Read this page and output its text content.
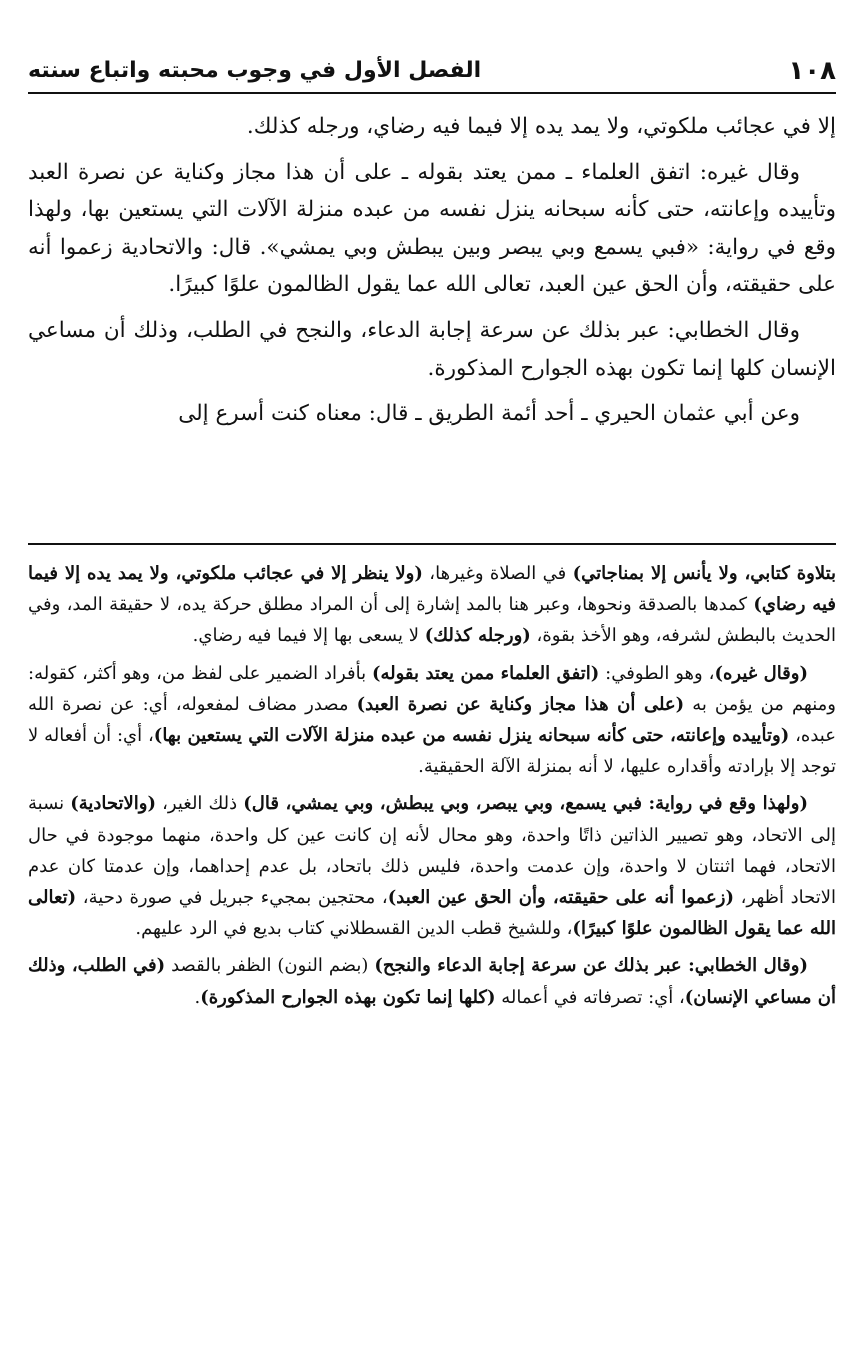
١٠٨
الفصل الأول في وجوب محبته واتباع سنته

إلا في عجائب ملكوتي، ولا يمد يده إلا فيما فيه رضاي، ورجله كذلك.

وقال غيره: اتفق العلماء ـ ممن يعتد بقوله ـ على أن هذا مجاز وكناية عن نصرة العبد وتأييده وإعانته، حتى كأنه سبحانه ينزل نفسه من عبده منزلة الآلات التي يستعين بها، ولهذا وقع في رواية: «فبي يسمع وبي يبصر وبين يبطش وبي يمشي». قال: والاتحادية زعموا أنه على حقيقته، وأن الحق عين العبد، تعالى الله عما يقول الظالمون علوًا كبيرًا.

وقال الخطابي: عبر بذلك عن سرعة إجابة الدعاء، والنجح في الطلب، وذلك أن مساعي الإنسان كلها إنما تكون بهذه الجوارح المذكورة.

وعن أبي عثمان الحيري ـ أحد أئمة الطريق ـ قال: معناه كنت أسرع إلى

بتلاوة كتابي، ولا يأنس إلا بمناجاتي) في الصلاة وغيرها، (ولا ينظر إلا في عجائب ملكوتي، ولا يمد يده إلا فيما فيه رضاي) كمدها بالصدقة ونحوها، وعبر هنا بالمد إشارة إلى أن المراد مطلق حركة يده، لا حقيقة المد، وفي الحديث بالبطش لشرفه، وهو الأخذ بقوة، (ورجله كذلك) لا يسعى بها إلا فيما فيه رضاي.

(وقال غيره)، وهو الطوفي: (اتفق العلماء ممن يعتد بقوله) بأفراد الضمير على لفظ من، وهو أكثر، كقوله: ومنهم من يؤمن به (على أن هذا مجاز وكناية عن نصرة العبد) مصدر مضاف لمفعوله، أي: عن نصرة الله عبده، (وتأييده وإعانته، حتى كأنه سبحانه ينزل نفسه من عبده منزلة الآلات التي يستعين بها)، أي: أن أفعاله لا توجد إلا بإرادته وأقداره عليها، لا أنه بمنزلة الآلة الحقيقية.

(ولهذا وقع في رواية: فبي يسمع، وبي يبصر، وبي يبطش، وبي يمشي، قال) ذلك الغير، (والاتحادية) نسبة إلى الاتحاد، وهو تصيير الذاتين ذاتًا واحدة، وهو محال لأنه إن كانت عين كل واحدة، منهما موجودة في حال الاتحاد، فهما اثنتان لا واحدة، وإن عدمت واحدة، فليس ذلك باتحاد، بل عدم إحداهما، وإن عدمتا كان عدم الاتحاد أظهر، (زعموا أنه على حقيقته، وأن الحق عين العبد)، محتجين بمجيء جبريل في صورة دحية، (تعالى الله عما يقول الظالمون علوًا كبيرًا)، وللشيخ قطب الدين القسطلاني كتاب بديع في الرد عليهم.

(وقال الخطابي: عبر بذلك عن سرعة إجابة الدعاء والنجح) (بضم النون) الظفر بالقصد (في الطلب، وذلك أن مساعي الإنسان)، أي: تصرفاته في أعماله (كلها إنما تكون بهذه الجوارح المذكورة).
